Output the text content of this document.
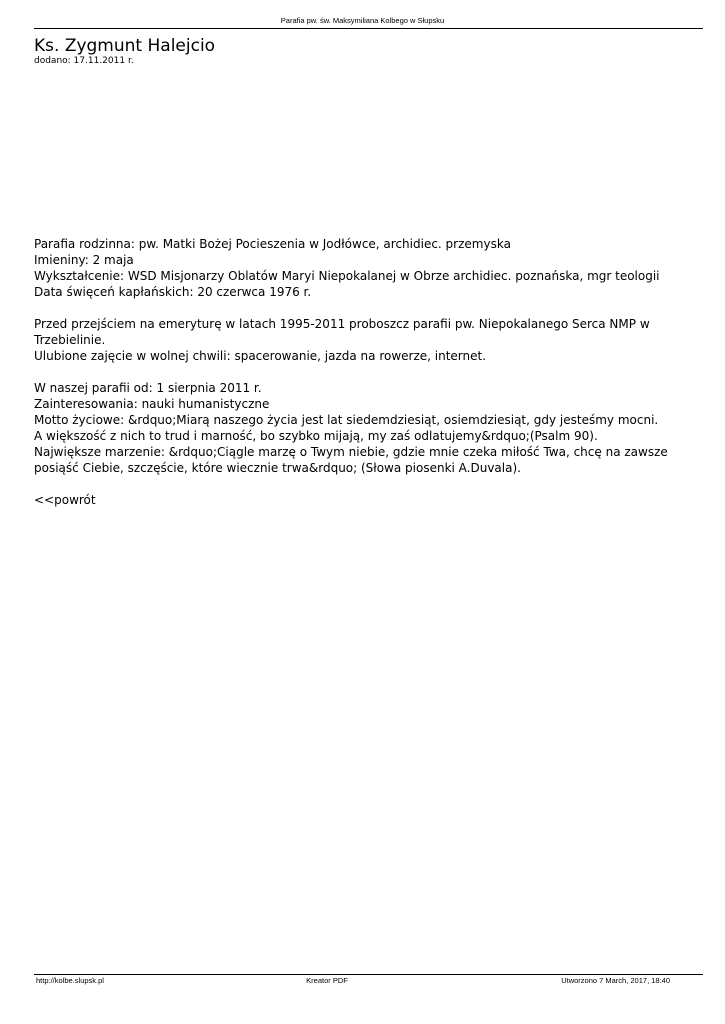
Parafia pw. św. Maksymiliana Kolbego w Słupsku
Ks. Zygmunt Halejcio
dodano: 17.11.2011 r.

Parafia rodzinna: pw. Matki Bożej Pocieszenia w Jodłówce, archidiec. przemyska
Imieniny: 2 maja
Wykształcenie: WSD Misjonarzy Oblatów Maryi Niepokalanej w Obrze archidiec. poznańska, mgr teologii
Data święceń kapłańskich: 20 czerwca 1976 r.

Przed przejściem na emeryturę w latach 1995-2011 proboszcz parafii pw. Niepokalanego Serca NMP w
Trzebielinie.
Ulubione zajęcie w wolnej chwili: spacerowanie, jazda na rowerze, internet.

W naszej parafii od: 1 sierpnia 2011 r.
Zainteresowania: nauki humanistyczne
Motto życiowe: &rdquo;Miarą naszego życia jest lat siedemdziesiąt, osiemdziesiąt, gdy jesteśmy mocni.
A większość z nich to trud i marność, bo szybko mijają, my zaś odlatujemy&rdquo;(Psalm 90).
Największe marzenie: &rdquo;Ciągle marzę o Twym niebie, gdzie mnie czeka miłość Twa, chcę na zawsze
posiąść Ciebie, szczęście, które wiecznie trwa&rdquo; (Słowa piosenki A.Duvala).

<<powrót

http://kolbe.slupsk.pl	Kreator PDF	Utworzono 7 March, 2017, 18:40
